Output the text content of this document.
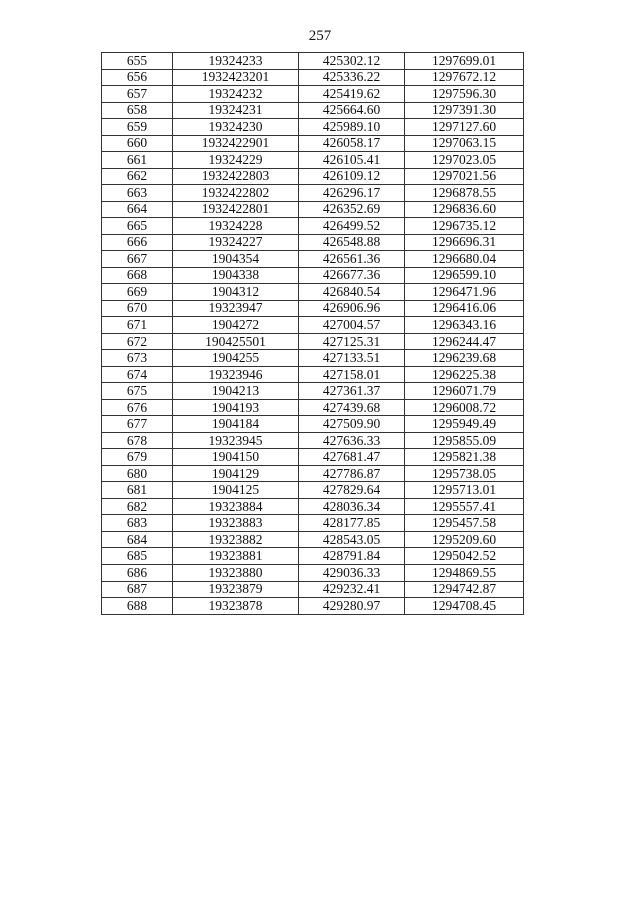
257
655	19324233	425302.12	1297699.01
656	1932423201	425336.22	1297672.12
657	19324232	425419.62	1297596.30
658	19324231	425664.60	1297391.30
659	19324230	425989.10	1297127.60
660	1932422901	426058.17	1297063.15
661	19324229	426105.41	1297023.05
662	1932422803	426109.12	1297021.56
663	1932422802	426296.17	1296878.55
664	1932422801	426352.69	1296836.60
665	19324228	426499.52	1296735.12
666	19324227	426548.88	1296696.31
667	1904354	426561.36	1296680.04
668	1904338	426677.36	1296599.10
669	1904312	426840.54	1296471.96
670	19323947	426906.96	1296416.06
671	1904272	427004.57	1296343.16
672	190425501	427125.31	1296244.47
673	1904255	427133.51	1296239.68
674	19323946	427158.01	1296225.38
675	1904213	427361.37	1296071.79
676	1904193	427439.68	1296008.72
677	1904184	427509.90	1295949.49
678	19323945	427636.33	1295855.09
679	1904150	427681.47	1295821.38
680	1904129	427786.87	1295738.05
681	1904125	427829.64	1295713.01
682	19323884	428036.34	1295557.41
683	19323883	428177.85	1295457.58
684	19323882	428543.05	1295209.60
685	19323881	428791.84	1295042.52
686	19323880	429036.33	1294869.55
687	19323879	429232.41	1294742.87
688	19323878	429280.97	1294708.45
